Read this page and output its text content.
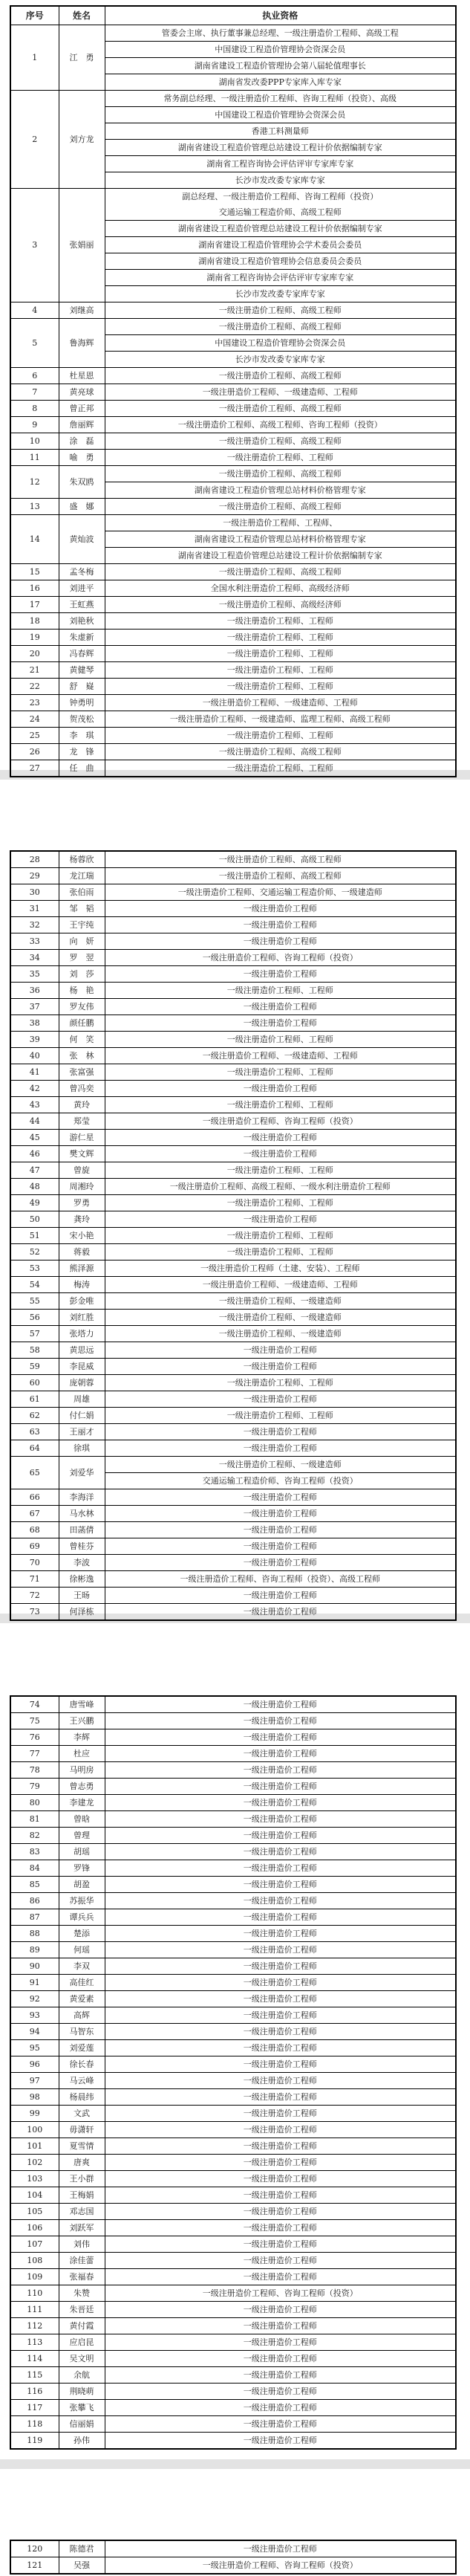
序号	姓名	执业资格
1	江　勇	管委会主席、执行董事兼总经理、一级注册造价工程师、高级工程
中国建设工程造价管理协会资深会员
湖南省建设工程造价管理协会第八届轮值理事长
湖南省发改委PPP专家库入库专家

2	刘方龙	
常务副总经理、一级注册造价工程师、咨询工程师（投资）、高级
中国建设工程造价管理协会资深会员
香港工料测量师
湖南省建设工程造价管理总站建设工程计价依据编制专家
湖南省工程咨询协会评估评审专家库专家
长沙市发改委专家库专家

3	张娟丽	
副总经理、一级注册造价工程师、咨询工程师（投资）
交通运输工程造价师、高级工程师
湖南省建设工程造价管理总站建设工程计价依据编制专家
湖南省建设工程造价管理协会学术委员会委员
湖南省建设工程造价管理协会信息委员会委员
湖南省工程咨询协会评估评审专家库专家
长沙市发改委专家库专家

4	刘继高	一级注册造价工程师、高级工程师

5	鲁海辉	一级注册造价工程师、高级工程师
中国建设工程造价管理协会资深会员
长沙市发改委专家库专家

6	杜星恩	一级注册造价工程师、高级工程师

7	黄亮球	一级注册造价工程师、一级建造师、工程师

8	曾正邦	一级注册造价工程师、高级工程师

9	詹丽辉	一级注册造价工程师、高级工程师、咨询工程师（投资）

10	涂　磊	一级注册造价工程师、高级工程师

11	喻　勇	一级注册造价工程师、工程师

12	朱双鸥	一级注册造价工程师、高级工程师
湖南省建设工程造价管理总站材料价格管理专家

13	盛　娜	一级注册造价工程师、高级工程师

14	黄灿波	一级注册造价工程师、工程师、
湖南省建设工程造价管理总站材料价格管理专家
湖南省建设工程造价管理总站建设工程计价依据编制专家

15	孟冬梅	一级注册造价工程师、高级工程师

16	刘进平	全国水利注册造价工程师、高级经济师

17	王虹燕	一级注册造价工程师、高级经济师

18	刘艳秋	一级注册造价工程师、工程师

19	朱虚新	一级注册造价工程师、工程师

20	冯春辉	一级注册造价工程师、工程师

21	黄健琴	一级注册造价工程师、工程师

22	舒　嶷	一级注册造价工程师、工程师

23	钟勇明	一级注册造价工程师、一级建造师、工程师

24	贺茂松	一级注册造价工程师、一级建造师、监理工程师、高级工程师

25	李　琪	一级注册造价工程师、工程师

26	龙　锋	一级注册造价工程师、高级工程师

27	任　曲	一级注册造价工程师、工程师
28	杨蓉欣	一级注册造价工程师、高级工程师

29	龙江瑞	一级注册造价工程师、高级工程师

30	张伯雨	一级注册造价工程师、交通运输工程造价师、一级建造师

31	邹　韬	一级注册造价工程师

32	王宇纯	一级注册造价工程师

33	向　妍	一级注册造价工程师

34	罗　翌	一级注册造价工程师、咨询工程师（投资）

35	刘　莎	一级注册造价工程师

36	杨　艳	一级注册造价工程师、工程师

37	罗友伟	一级注册造价工程师

38	颜任鹏	一级注册造价工程师

39	何　笑	一级注册造价工程师、工程师

40	张　林	一级注册造价工程师、一级建造师、工程师

41	张富强	一级注册造价工程师、工程师

42	曾冯奕	一级注册造价工程师

43	黄玲	一级注册造价工程师、工程师

44	郑莹	一级注册造价工程师、咨询工程师（投资）

45	游仁星	一级注册造价工程师

46	樊文辉	一级注册造价工程师

47	曾旋	一级注册造价工程师、工程师

48	周湘玲	一级注册造价工程师、高级工程师、一级水利注册造价工程师

49	罗勇	一级注册造价工程师、工程师

50	龚玲	一级注册造价工程师

51	宋小艳	一级注册造价工程师、工程师

52	蒋毅	一级注册造价工程师、工程师

53	熊泽源	一级注册造价工程师（土建、安装）、工程师

54	梅涛	一级注册造价工程师、一级建造师、工程师

55	彭金唯	一级注册造价工程师、一级建造师

56	刘红胜	一级注册造价工程师、一级建造师

57	张塔力	一级注册造价工程师、一级建造师

58	黄思远	一级注册造价工程师

59	李昆威	一级注册造价工程师

60	庞朝蓉	一级注册造价工程师、工程师

61	周雄	一级注册造价工程师

62	付仁娟	一级注册造价工程师、工程师

63	王丽才	一级注册造价工程师

64	徐琪	一级注册造价工程师

65	刘爱华	一级注册造价工程师、一级建造师
交通运输工程造价师、咨询工程师（投资）

66	李海洋	一级注册造价工程师

67	马水林	一级注册造价工程师

68	田菡倩	一级注册造价工程师

69	曾桂芬	一级注册造价工程师

70	李波	一级注册造价工程师

71	徐彬逸	一级注册造价工程师、咨询工程师（投资）、高级工程师

72	王旸	一级注册造价工程师

73	何泽栋	一级注册造价工程师
74	唐雪峰	一级注册造价工程师

75	王兴鹏	一级注册造价工程师

76	李辉	一级注册造价工程师

77	杜应	一级注册造价工程师

78	马明房	一级注册造价工程师

79	曾志勇	一级注册造价工程师

80	李建龙	一级注册造价工程师

81	曾晗	一级注册造价工程师

82	曾理	一级注册造价工程师

83	胡瑶	一级注册造价工程师

84	罗锋	一级注册造价工程师

85	胡盈	一级注册造价工程师

86	苏振华	一级注册造价工程师

87	谭兵兵	一级注册造价工程师

88	楚添	一级注册造价工程师

89	何瑶	一级注册造价工程师

90	李双	一级注册造价工程师

91	高佳红	一级注册造价工程师

92	黄爱素	一级注册造价工程师

93	高辉	一级注册造价工程师

94	马智东	一级注册造价工程师

95	刘爱莲	一级注册造价工程师

96	徐长春	一级注册造价工程师

97	马云峰	一级注册造价工程师

98	杨晨纬	一级注册造价工程师

99	文武	一级注册造价工程师

100	毋潇轩	一级注册造价工程师

101	夏雪情	一级注册造价工程师

102	唐爽	一级注册造价工程师

103	王小群	一级注册造价工程师

104	王梅娟	一级注册造价工程师

105	邓志国	一级注册造价工程师

106	刘跃军	一级注册造价工程师

107	刘伟	一级注册造价工程师

108	涂佳蕾	一级注册造价工程师

109	张福春	一级注册造价工程师

110	朱赞	一级注册造价工程师、咨询工程师（投资）

111	朱晋廷	一级注册造价工程师

112	黄付霞	一级注册造价工程师

113	应启昆	一级注册造价工程师

114	吴文明	一级注册造价工程师

115	余航	一级注册造价工程师

116	荆晓萌	一级注册造价工程师

117	张攀飞	一级注册造价工程师

118	信丽娟	一级注册造价工程师

119	孙伟	一级注册造价工程师
120	陈德君	一级注册造价工程师

121	吴强	一级注册造价工程师、咨询工程师（投资）
